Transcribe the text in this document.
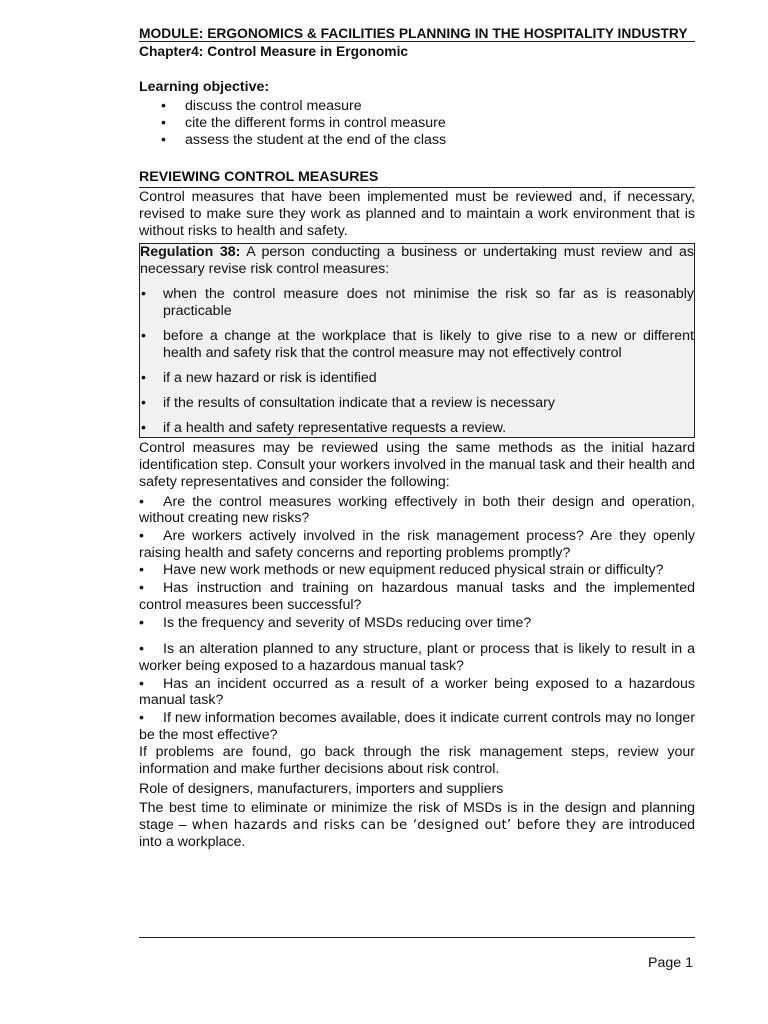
MODULE: ERGONOMICS & FACILITIES PLANNING IN THE HOSPITALITY INDUSTRY
Chapter4: Control Measure in Ergonomic
Learning objective:
• discuss the control measure
• cite the different forms in control measure
• assess the student at the end of the class
REVIEWING CONTROL MEASURES
Control measures that have been implemented must be reviewed and, if necessary, revised to make sure they work as planned and to maintain a work environment that is without risks to health and safety.
Regulation 38: A person conducting a business or undertaking must review and as necessary revise risk control measures:
• when the control measure does not minimise the risk so far as is reasonably practicable
• before a change at the workplace that is likely to give rise to a new or different health and safety risk that the control measure may not effectively control
• if a new hazard or risk is identified
• if the results of consultation indicate that a review is necessary
• if a health and safety representative requests a review.
Control measures may be reviewed using the same methods as the initial hazard identification step. Consult your workers involved in the manual task and their health and safety representatives and consider the following:
• Are the control measures working effectively in both their design and operation, without creating new risks?
• Are workers actively involved in the risk management process? Are they openly raising health and safety concerns and reporting problems promptly?
• Have new work methods or new equipment reduced physical strain or difficulty?
• Has instruction and training on hazardous manual tasks and the implemented control measures been successful?
• Is the frequency and severity of MSDs reducing over time?
• Is an alteration planned to any structure, plant or process that is likely to result in a worker being exposed to a hazardous manual task?
• Has an incident occurred as a result of a worker being exposed to a hazardous manual task?
• If new information becomes available, does it indicate current controls may no longer be the most effective?
If problems are found, go back through the risk management steps, review your information and make further decisions about risk control.
Role of designers, manufacturers, importers and suppliers
The best time to eliminate or minimize the risk of MSDs is in the design and planning stage – when hazards and risks can be ‘designed out’ before they are introduced into a workplace.
Page 1
